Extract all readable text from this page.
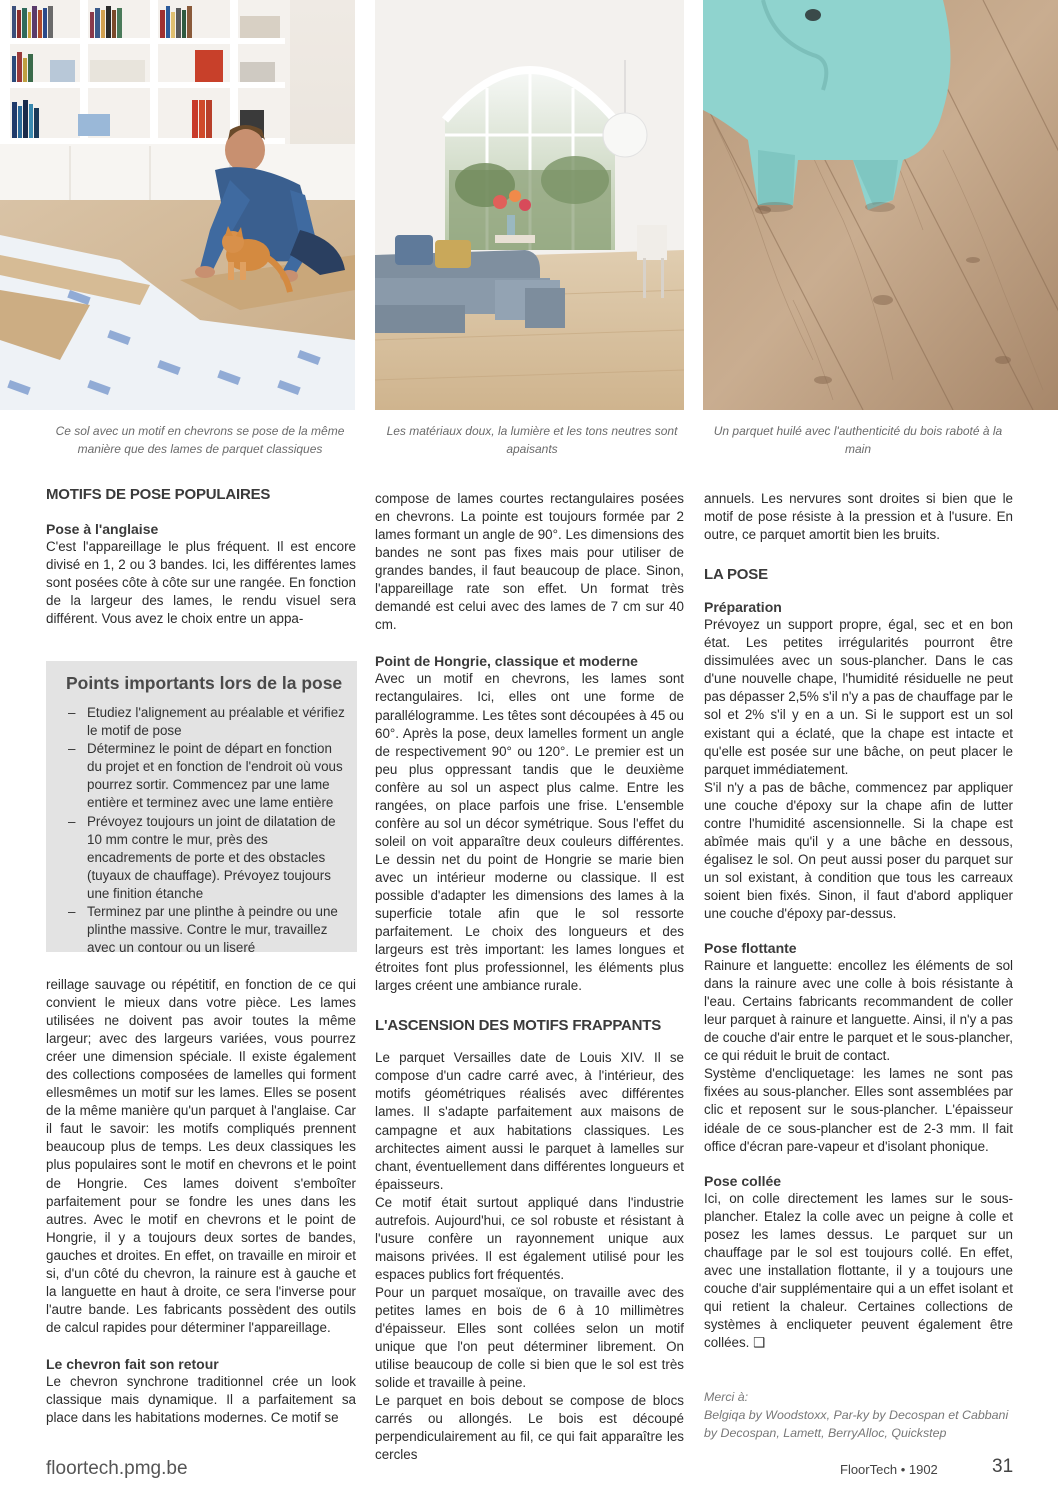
Ce sol avec un motif en chevrons se pose de la même manière que des lames de parquet classiques
Les matériaux doux, la lumière et les tons neutres sont apaisants
Un parquet huilé avec l'authenticité du bois raboté à la main
MOTIFS DE POSE POPULAIRES
Pose à l'anglaise

C'est l'appareillage le plus fréquent. Il est encore divisé en 1, 2 ou 3 bandes. Ici, les différentes lames sont posées côte à côte sur une rangée. En fonction de la largeur des lames, le rendu visuel sera différent. Vous avez le choix entre un appa-

Points importants lors de la pose
– Etudiez l'alignement au préalable et vérifiez le motif de pose
– Déterminez le point de départ en fonction du projet et en fonction de l'endroit où vous pourrez sortir. Commencez par une lame entière et terminez avec une lame entière
– Prévoyez toujours un joint de dilatation de 10 mm contre le mur, près des encadrements de porte et des obstacles (tuyaux de chauffage). Prévoyez toujours une finition étanche
– Terminez par une plinthe à peindre ou une plinthe massive. Contre le mur, travaillez avec un contour ou un liseré

reillage sauvage ou répétitif, en fonction de ce qui convient le mieux dans votre pièce. Les lames utilisées ne doivent pas avoir toutes la même largeur; avec des largeurs variées, vous pourrez créer une dimension spéciale. Il existe également des collections composées de lamelles qui forment ellesmêmes un motif sur les lames. Elles se posent de la même manière qu'un parquet à l'anglaise. Car il faut le savoir: les motifs compliqués prennent beaucoup plus de temps. Les deux classiques les plus populaires sont le motif en chevrons et le point de Hongrie. Ces lames doivent s'emboîter parfaitement pour se fondre les unes dans les autres. Avec le motif en chevrons et le point de Hongrie, il y a toujours deux sortes de bandes, gauches et droites. En effet, on travaille en miroir et si, d'un côté du chevron, la rainure est à gauche et la languette en haut à droite, ce sera l'inverse pour l'autre bande. Les fabricants possèdent des outils de calcul rapides pour déterminer l'appareillage.

Le chevron fait son retour

Le chevron synchrone traditionnel crée un look classique mais dynamique. Il a parfaitement sa place dans les habitations modernes. Ce motif se

compose de lames courtes rectangulaires posées en chevrons. La pointe est toujours formée par 2 lames formant un angle de 90°. Les dimensions des bandes ne sont pas fixes mais pour utiliser de grandes bandes, il faut beaucoup de place. Sinon, l'appareillage rate son effet. Un format très demandé est celui avec des lames de 7 cm sur 40 cm.

Point de Hongrie, classique et moderne

Avec un motif en chevrons, les lames sont rectangulaires. Ici, elles ont une forme de parallélogramme. Les têtes sont découpées à 45 ou 60°. Après la pose, deux lamelles forment un angle de respectivement 90° ou 120°. Le premier est un peu plus oppressant tandis que le deuxième confère au sol un aspect plus calme. Entre les rangées, on place parfois une frise. L'ensemble confère au sol un décor symétrique. Sous l'effet du soleil on voit apparaître deux couleurs différentes. Le dessin net du point de Hongrie se marie bien avec un intérieur moderne ou classique. Il est possible d'adapter les dimensions des lames à la superficie totale afin que le sol ressorte parfaitement. Le choix des longueurs et des largeurs est très important: les lames longues et étroites font plus professionnel, les éléments plus larges créent une ambiance rurale.

L'ASCENSION DES MOTIFS FRAPPANTS

Le parquet Versailles date de Louis XIV. Il se compose d'un cadre carré avec, à l'intérieur, des motifs géométriques réalisés avec différentes lames. Il s'adapte parfaitement aux maisons de campagne et aux habitations classiques. Les architectes aiment aussi le parquet à lamelles sur chant, éventuellement dans différentes longueurs et épaisseurs.

Ce motif était surtout appliqué dans l'industrie autrefois. Aujourd'hui, ce sol robuste et résistant à l'usure confère un rayonnement unique aux maisons privées. Il est également utilisé pour les espaces publics fort fréquentés.

Pour un parquet mosaïque, on travaille avec des petites lames en bois de 6 à 10 millimètres d'épaisseur. Elles sont collées selon un motif unique que l'on peut déterminer librement. On utilise beaucoup de colle si bien que le sol est très solide et travaille à peine.

Le parquet en bois debout se compose de blocs carrés ou allongés. Le bois est découpé perpendiculairement au fil, ce qui fait apparaître les cercles

annuels. Les nervures sont droites si bien que le motif de pose résiste à la pression et à l'usure. En outre, ce parquet amortit bien les bruits.

LA POSE
Préparation

Prévoyez un support propre, égal, sec et en bon état. Les petites irrégularités pourront être dissimulées avec un sous-plancher. Dans le cas d'une nouvelle chape, l'humidité résiduelle ne peut pas dépasser 2,5% s'il n'y a pas de chauffage par le sol et 2% s'il y en a un. Si le support est un sol existant qui a éclaté, que la chape est intacte et qu'elle est posée sur une bâche, on peut placer le parquet immédiatement.

S'il n'y a pas de bâche, commencez par appliquer une couche d'époxy sur la chape afin de lutter contre l'humidité ascensionnelle. Si la chape est abîmée mais qu'il y a une bâche en dessous, égalisez le sol. On peut aussi poser du parquet sur un sol existant, à condition que tous les carreaux soient bien fixés. Sinon, il faut d'abord appliquer une couche d'époxy par-dessus.

Pose flottante

Rainure et languette: encollez les éléments de sol dans la rainure avec une colle à bois résistante à l'eau. Certains fabricants recommandent de coller leur parquet à rainure et languette. Ainsi, il n'y a pas de couche d'air entre le parquet et le sous-plancher, ce qui réduit le bruit de contact.

Système d'encliquetage: les lames ne sont pas fixées au sous-plancher. Elles sont assemblées par clic et reposent sur le sous-plancher. L'épaisseur idéale de ce sous-plancher est de 2-3 mm. Il fait office d'écran pare-vapeur et d'isolant phonique.

Pose collée

Ici, on colle directement les lames sur le sous-plancher. Etalez la colle avec un peigne à colle et posez les lames dessus. Le parquet sur un chauffage par le sol est toujours collé. En effet, avec une installation flottante, il y a toujours une couche d'air supplémentaire qui a un effet isolant et qui retient la chaleur. Certaines collections de systèmes à encliqueter peuvent également être collées. ❑

Merci à:
Belgiqa by Woodstoxx, Par-ky by Decospan et Cabbani by Decospan, Lamett, BerryAlloc, Quickstep
floortech.pmg.be	FloorTech • 1902	31
